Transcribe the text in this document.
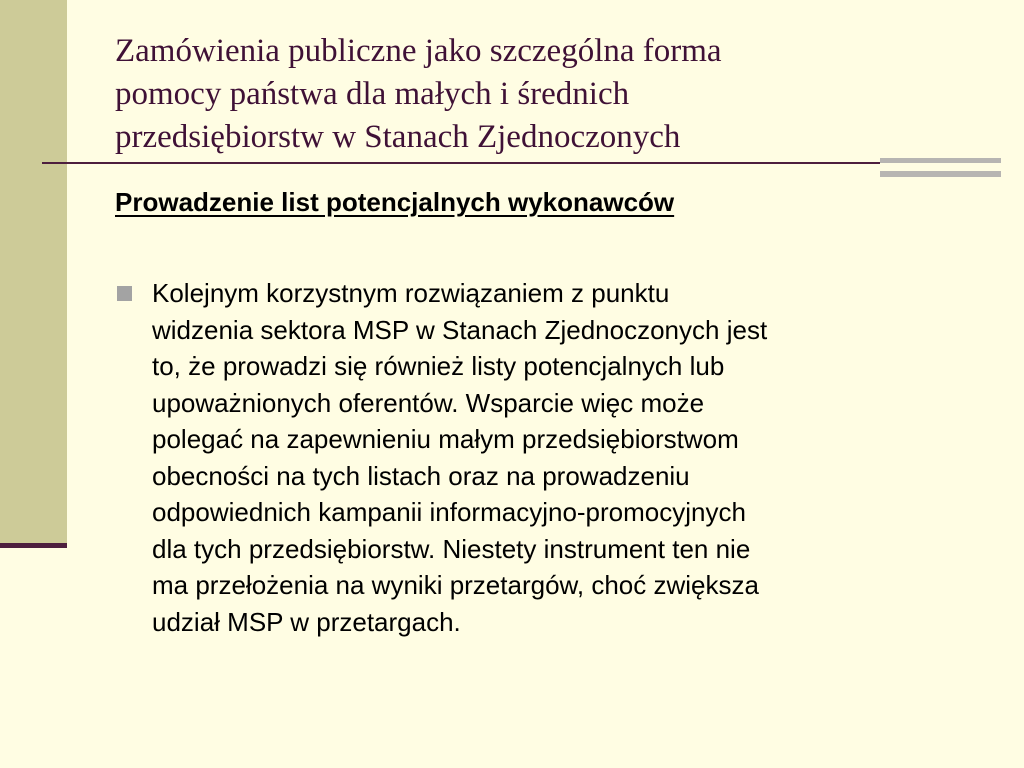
Zamówienia publiczne jako szczególna forma
pomocy państwa dla małych i średnich
przedsiębiorstw w Stanach Zjednoczonych
Prowadzenie list potencjalnych wykonawców
Kolejnym korzystnym rozwiązaniem z punktu
widzenia sektora MSP w Stanach Zjednoczonych jest
to, że prowadzi się również listy potencjalnych lub
upoważnionych oferentów. Wsparcie więc może
polegać na zapewnieniu małym przedsiębiorstwom
obecności na tych listach oraz na prowadzeniu
odpowiednich kampanii informacyjno-promocyjnych
dla tych przedsiębiorstw. Niestety instrument ten nie
ma przełożenia na wyniki przetargów, choć zwiększa
udział MSP w przetargach.
